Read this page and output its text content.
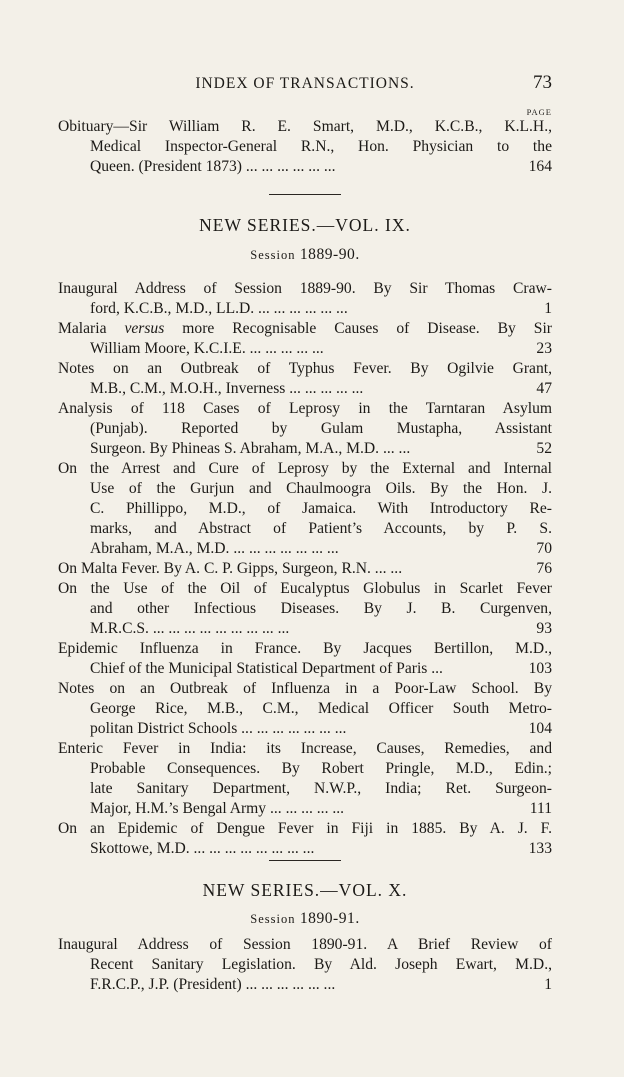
INDEX OF TRANSACTIONS.	73
PAGE
Obituary—Sir William R. E. Smart, M.D., K.C.B., K.L.H.,
Medical Inspector-General R.N., Hon. Physician to the
Queen. (President 1873) ... ... ... ... ... ...	164
NEW SERIES.—VOL. IX.
Session 1889-90.
Inaugural Address of Session 1889-90. By Sir Thomas Craw-
ford, K.C.B., M.D., LL.D. ... ... ... ... ... ...	1
Malaria versus more Recognisable Causes of Disease. By Sir
William Moore, K.C.I.E. ... ... ... ... ...	23
Notes on an Outbreak of Typhus Fever. By Ogilvie Grant,
M.B., C.M., M.O.H., Inverness ... ... ... ... ...	47
Analysis of 118 Cases of Leprosy in the Tarntaran Asylum
(Punjab). Reported by Gulam Mustapha, Assistant
Surgeon. By Phineas S. Abraham, M.A., M.D. ... ...	52
On the Arrest and Cure of Leprosy by the External and Internal
Use of the Gurjun and Chaulmoogra Oils. By the Hon. J.
C. Phillippo, M.D., of Jamaica. With Introductory Re-
marks, and Abstract of Patient’s Accounts, by P. S.
Abraham, M.A., M.D. ... ... ... ... ... ... ...	70
On Malta Fever. By A. C. P. Gipps, Surgeon, R.N. ... ...	76
On the Use of the Oil of Eucalyptus Globulus in Scarlet Fever
and other Infectious Diseases. By J. B. Curgenven,
M.R.C.S. ... ... ... ... ... ... ... ... ...	93
Epidemic Influenza in France. By Jacques Bertillon, M.D.,
Chief of the Municipal Statistical Department of Paris ...	103
Notes on an Outbreak of Influenza in a Poor-Law School. By
George Rice, M.B., C.M., Medical Officer South Metro-
politan District Schools ... ... ... ... ... ... ...	104
Enteric Fever in India: its Increase, Causes, Remedies, and
Probable Consequences. By Robert Pringle, M.D., Edin.;
late Sanitary Department, N.W.P., India; Ret. Surgeon-
Major, H.M.’s Bengal Army ... ... ... ... ...	111
On an Epidemic of Dengue Fever in Fiji in 1885. By A. J. F.
Skottowe, M.D. ... ... ... ... ... ... ... ...	133
NEW SERIES.—VOL. X.
Session 1890-91.
Inaugural Address of Session 1890-91. A Brief Review of
Recent Sanitary Legislation. By Ald. Joseph Ewart, M.D.,
F.R.C.P., J.P. (President) ... ... ... ... ... ...	1
